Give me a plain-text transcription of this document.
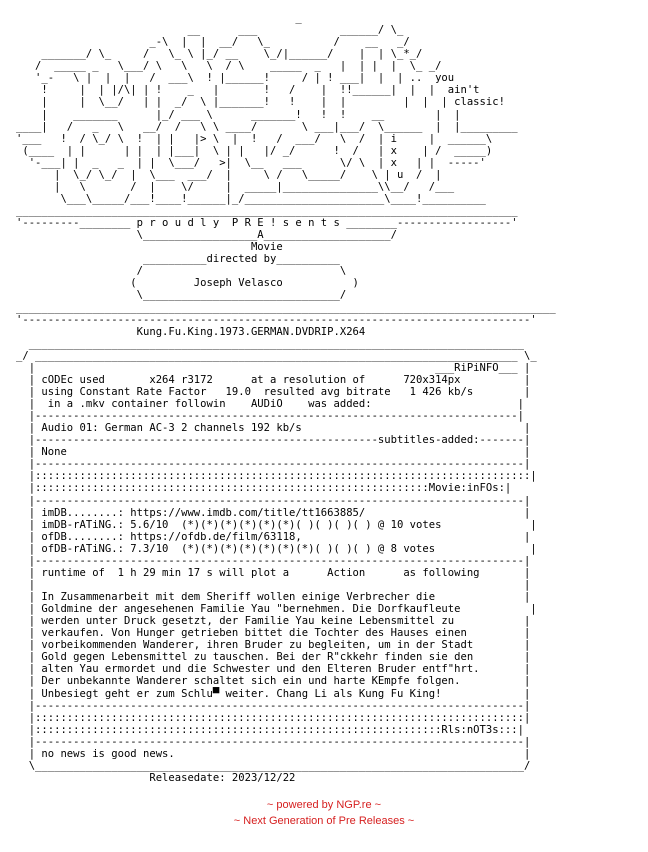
_
__      ___             ______/ \_
_-\  |  |  __/   \_          /    __   _/
_______/ \_     /   \_ \ |_/ __    \_/|______/    |  | \_*_/
/  _____ _   \___/ \   \   \  / \    _____  _   |  | |  |  \_ _/
'_-   \ |  |  |   /  ___\  ! |______!     / | ! ___|  |  | ..  you
!     |  | |/\| | !    _   |       !   /    |  !!______|  |  |  ain't
|     |  \__/   | |  _/  \ |_______!   !    |  |         |  |  | classic!
|    _______      |_/ ___ \      _______!   !  !    __        |  |
____|   /   _   \   __/  /   \ \ ____/       \ ___|___/  \______  |  |_________
'___   !  / \_/ \  !  | |   |> \  |  !   /  ___/   \  /  | i     |  ______\
(____  | |      | |  | |___|  \ | |   |/ _/      !  /   | x    | /  _____)
'-___| |  _   _  | |  \___/   >|  \__   ___      \/ \  | x   | |  -----'
|  \_/ \_/  |  \___  ___/  |     \ /   \_____/    \ | u  /  |
|   \       /  |    \/     |  _____|_______________\\__/   /___
\___\_____/___!____!______|_/______________________\____!__________
_______________________________________________________________________________
'---------________ p r o u d l y  P R E ! s e n t s ________------------------'
\__________________A____________________/
Movie
__________directed by__________
/                               \
(         Joseph Velasco           )
\_______________________________/
_____________________________________________________________________________________
'--------------------------------------------------------------------------------'
Kung.Fu.King.1973.GERMAN.DVDRIP.X264
______________________________________________________________________________
_/ ____________________________________________________________________________ \_
|                                                               ___RiPiNFO___ |
| cODEc used       x264 r3172      at a resolution of      720x314px          |
| using Constant Rate Factor   19.0  resulted avg bitrate   1 426 kb/s        |
|  in a .mkv container followin    AUDiO    was added:                       |
|----------------------------------------------------------------------------|
| Audio 01: German AC-3 2 channels 192 kb/s                                   |
|------------------------------------------------------subtitles-added:-------|
| None                                                                        |
|-----------------------------------------------------------------------------|
|::::::::::::::::::::::::::::::::::::::::::::::::::::::::::::::::::::::::::::::|
|::::::::::::::::::::::::::::::::::::::::::::::::::::::::::::::Movie:inFOs:|
|-----------------------------------------------------------------------------|
| imDB........: https://www.imdb.com/title/tt1663885/                         |
| imDB-rATiNG.: 5.6/10  (*)(*)(*)(*)(*)(*)( )( )( )( ) @ 10 votes              |
| ofDB........: https://ofdb.de/film/63118,                                   |
| ofDB-rATiNG.: 7.3/10  (*)(*)(*)(*)(*)(*)(*)( )( )( ) @ 8 votes               |
|-----------------------------------------------------------------------------|
| runtime of  1 h 29 min 17 s will plot a      Action      as following       |
|                                                                             |
| In Zusammenarbeit mit dem Sheriff wollen einige Verbrecher die              |
| Goldmine der angesehenen Familie Yau "bernehmen. Die Dorfkaufleute           |
| werden unter Druck gesetzt, der Familie Yau keine Lebensmittel zu           |
| verkaufen. Von Hunger getrieben bittet die Tochter des Hauses einen         |
| vorbeikommenden Wanderer, ihren Bruder zu begleiten, um in der Stadt        |
| Gold gegen Lebensmittel zu tauschen. Bei der R"ckkehr finden sie den        |
| alten Yau ermordet und die Schwester und den Elteren Bruder entf"hrt.       |
| Der unbekannte Wanderer schaltet sich ein und harte KEmpfe folgen.          |
| Unbesiegt geht er zum Schlu▀ weiter. Chang Li als Kung Fu King!             |
|-----------------------------------------------------------------------------|
|:::::::::::::::::::::::::::::::::::::::::::::::::::::::::::::::::::::::::::::|
|::::::::::::::::::::::::::::::::::::::::::::::::::::::::::::::::Rls:nOT3s:::|
|-----------------------------------------------------------------------------|
| no news is good news.                                                       |
\_____________________________________________________________________________/
Releasedate: 2023/12/22
~ powered by NGP.re ~
~ Next Generation of Pre Releases ~
